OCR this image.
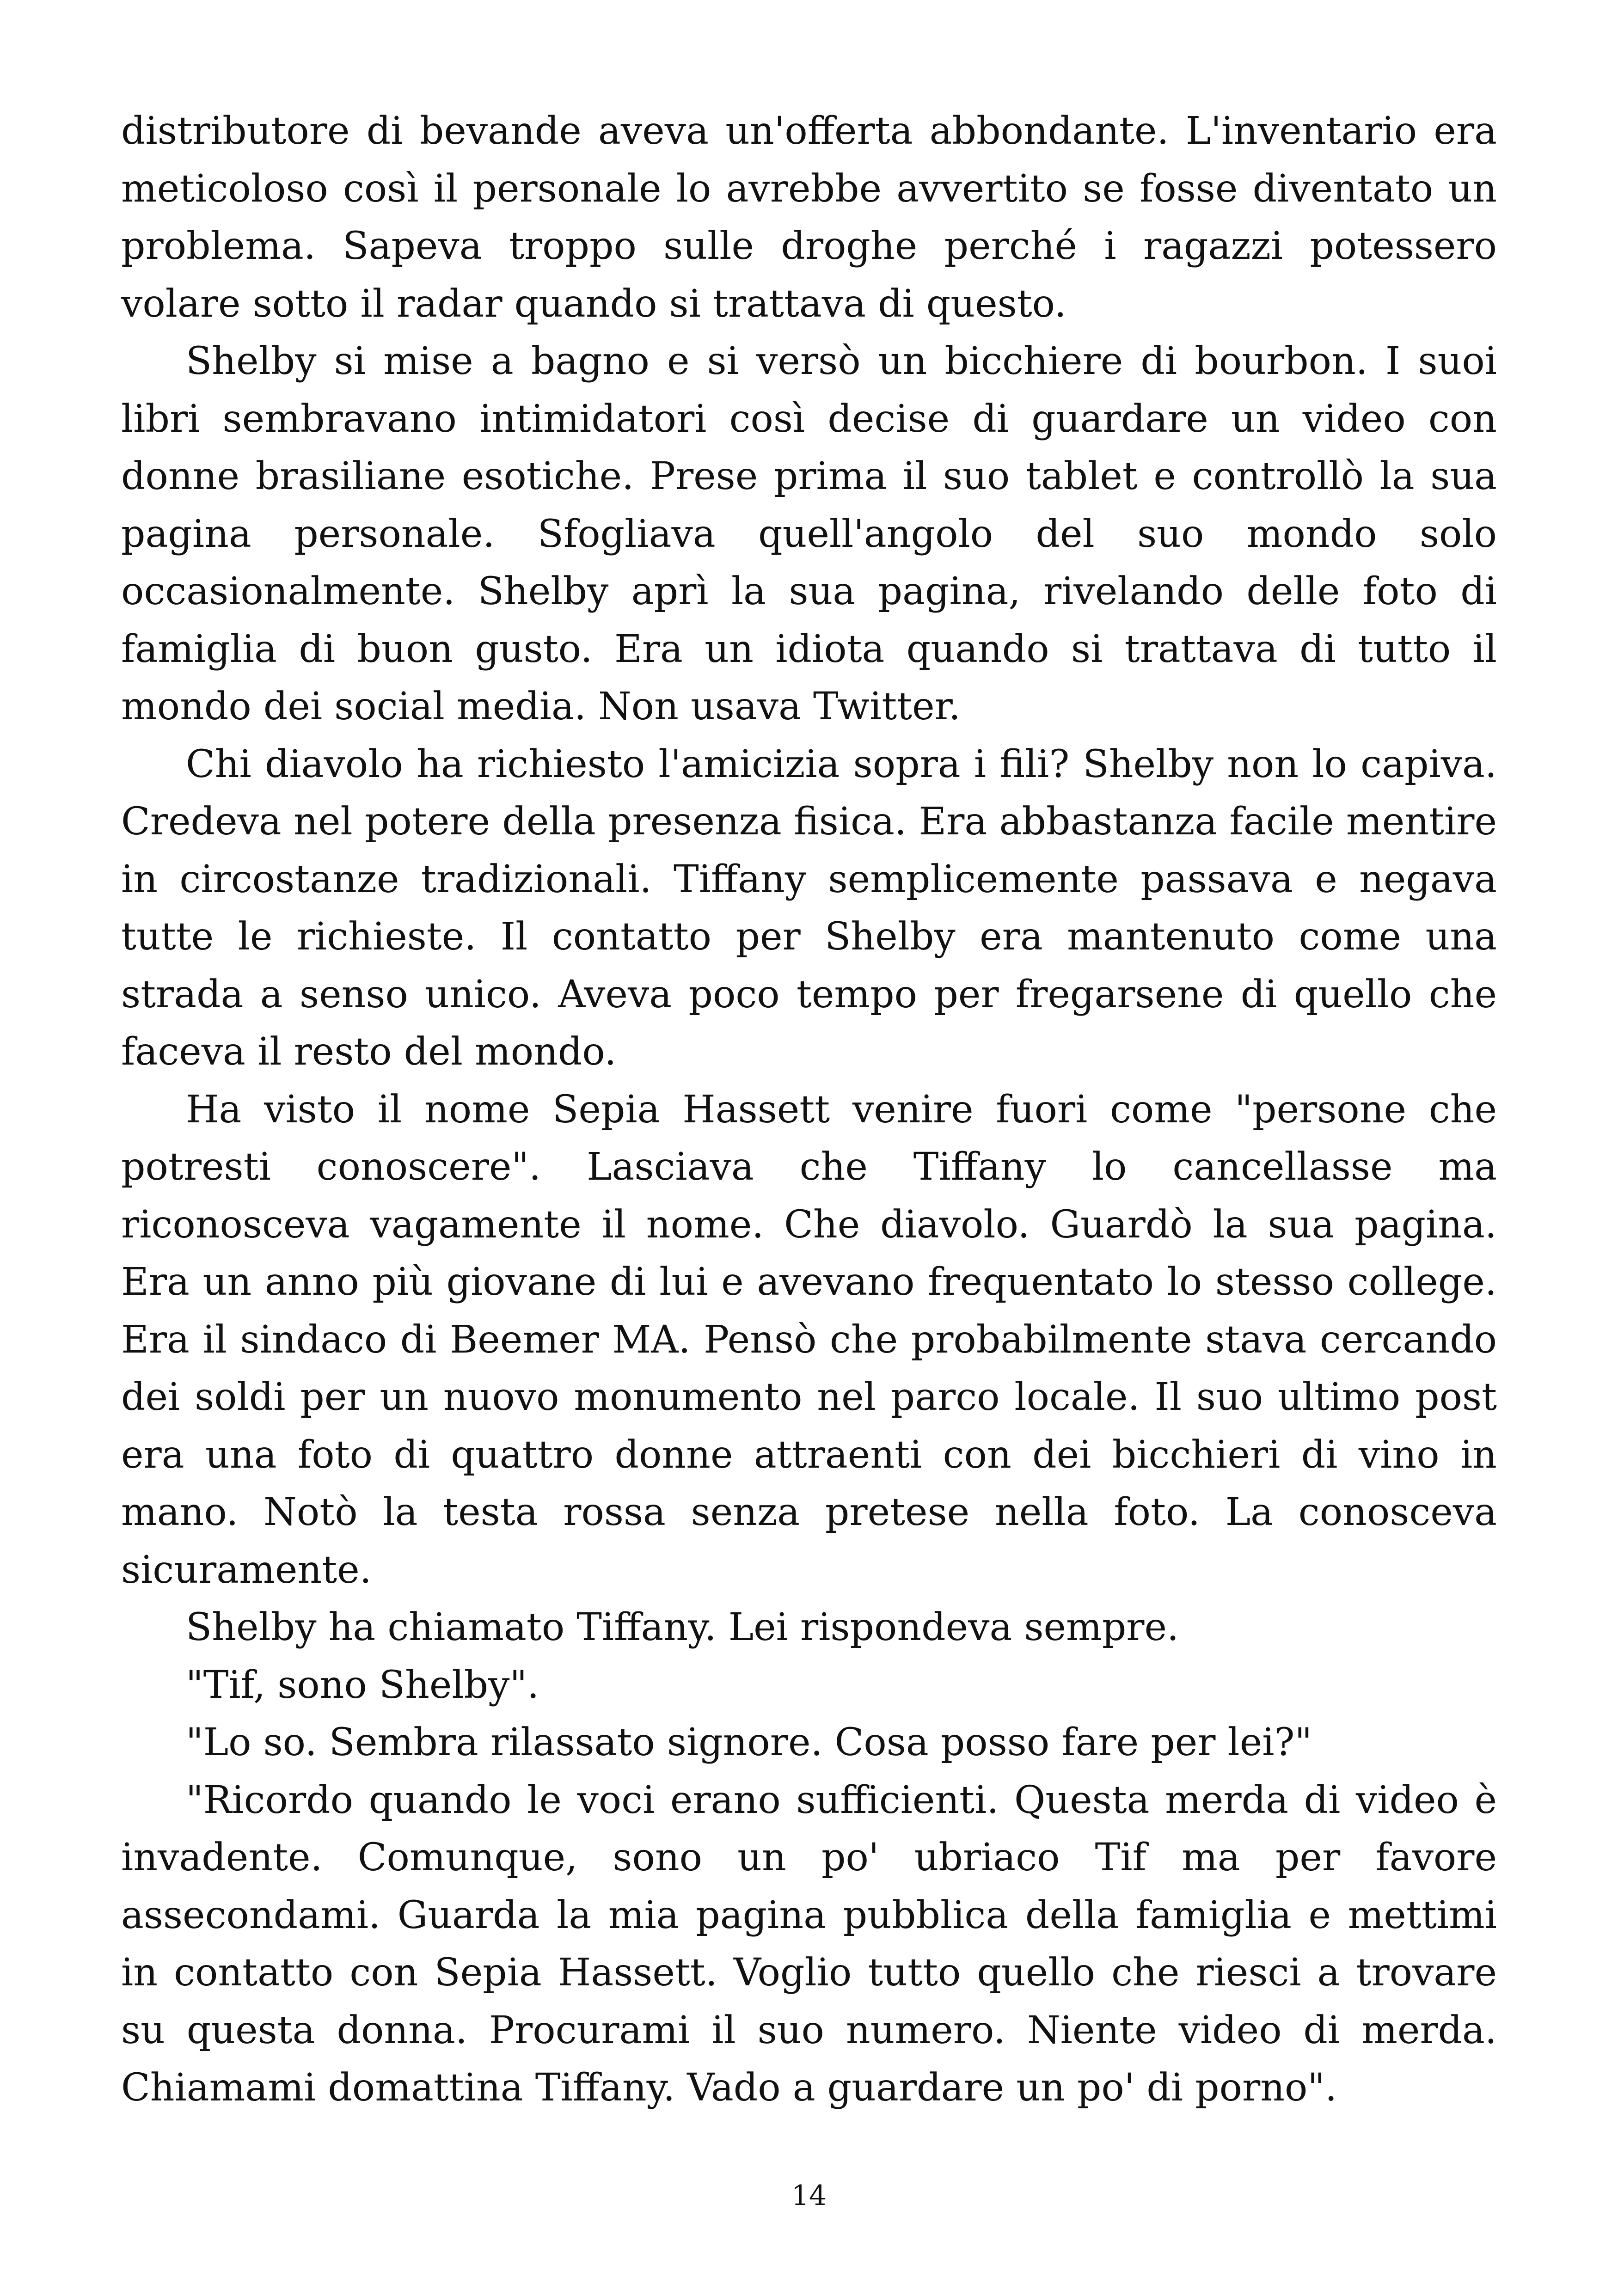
distributore di bevande aveva un'offerta abbondante. L'inventario era meticoloso così il personale lo avrebbe avvertito se fosse diventato un problema. Sapeva troppo sulle droghe perché i ragazzi potessero volare sotto il radar quando si trattava di questo.

Shelby si mise a bagno e si versò un bicchiere di bourbon. I suoi libri sembravano intimidatori così decise di guardare un video con donne brasiliane esotiche. Prese prima il suo tablet e controllò la sua pagina personale. Sfogliava quell'angolo del suo mondo solo occasionalmente. Shelby aprì la sua pagina, rivelando delle foto di famiglia di buon gusto. Era un idiota quando si trattava di tutto il mondo dei social media. Non usava Twitter.

Chi diavolo ha richiesto l'amicizia sopra i fili? Shelby non lo capiva. Credeva nel potere della presenza fisica. Era abbastanza facile mentire in circostanze tradizionali. Tiffany semplicemente passava e negava tutte le richieste. Il contatto per Shelby era mantenuto come una strada a senso unico. Aveva poco tempo per fregarsene di quello che faceva il resto del mondo.

Ha visto il nome Sepia Hassett venire fuori come "persone che potresti conoscere". Lasciava che Tiffany lo cancellasse ma riconosceva vagamente il nome. Che diavolo. Guardò la sua pagina. Era un anno più giovane di lui e avevano frequentato lo stesso college. Era il sindaco di Beemer MA. Pensò che probabilmente stava cercando dei soldi per un nuovo monumento nel parco locale. Il suo ultimo post era una foto di quattro donne attraenti con dei bicchieri di vino in mano. Notò la testa rossa senza pretese nella foto. La conosceva sicuramente.

Shelby ha chiamato Tiffany. Lei rispondeva sempre.

"Tif, sono Shelby".

"Lo so. Sembra rilassato signore. Cosa posso fare per lei?"

"Ricordo quando le voci erano sufficienti. Questa merda di video è invadente. Comunque, sono un po' ubriaco Tif ma per favore assecondami. Guarda la mia pagina pubblica della famiglia e mettimi in contatto con Sepia Hassett. Voglio tutto quello che riesci a trovare su questa donna. Procurami il suo numero. Niente video di merda. Chiamami domattina Tiffany. Vado a guardare un po' di porno".

14
